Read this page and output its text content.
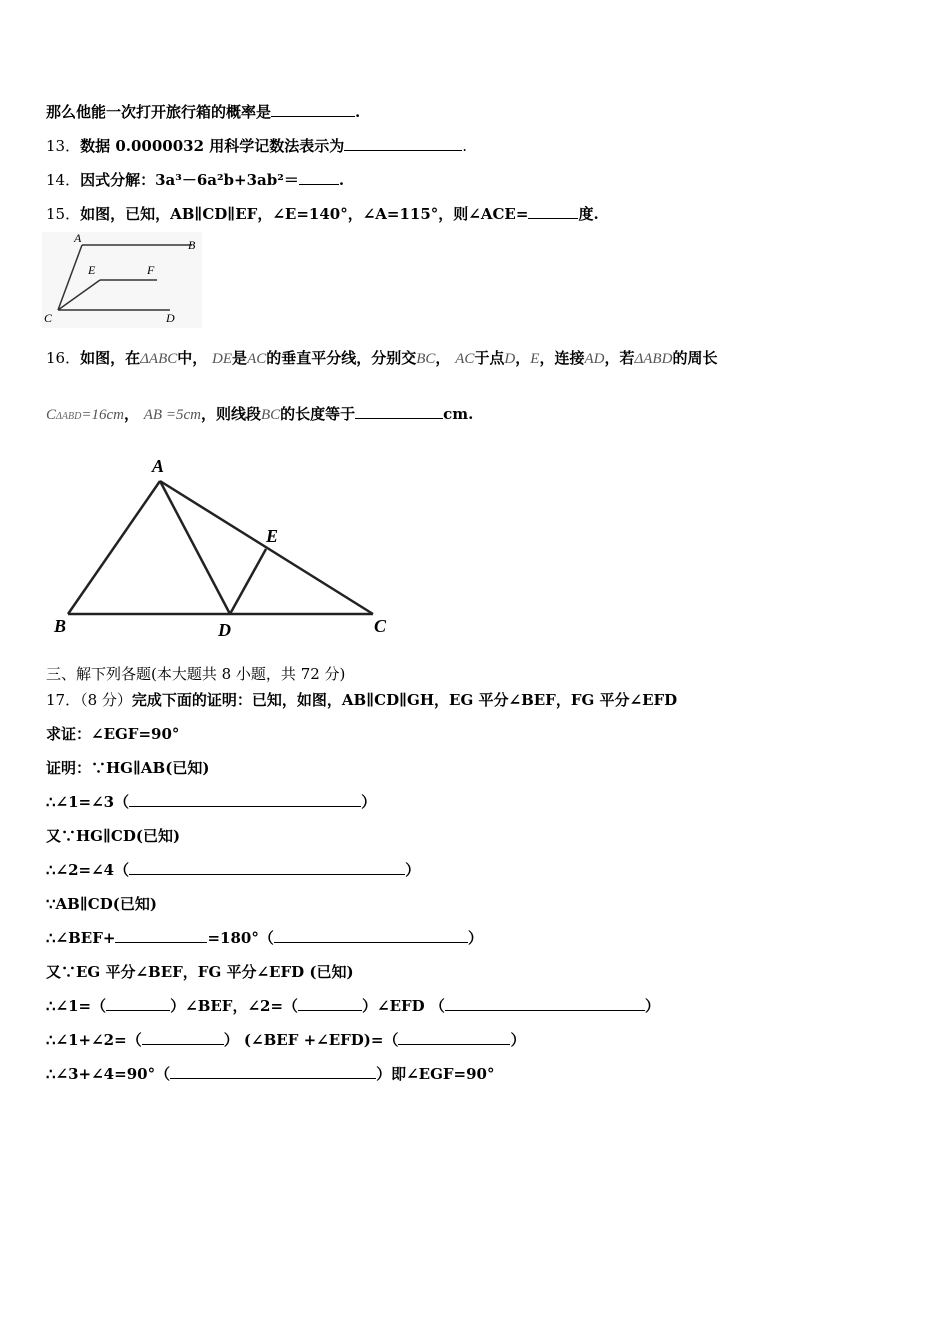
那么他能一次打开旅行箱的概率是	.
13．数据 0.0000032 用科学记数法表示为	.
14．因式分解：3a³－6a²b+3ab²＝	.
15．如图，已知，AB∥CD∥EF，∠E=140°，∠A=115°，则∠ACE=	度.
A	B
E	F
C	D
16．如图，在ΔABC中， DE是AC的垂直平分线，分别交BC， AC于点D，E，连接AD，若ΔABD的周长
CΔABD=16cm， AB =5cm，则线段BC的长度等于	cm.
A
E
B	D	C
三、解下列各题(本大题共 8 小题，共 72 分)
17．（8 分）完成下面的证明：已知，如图，AB∥CD∥GH，EG 平分∠BEF，FG 平分∠EFD
求证：∠EGF=90°
证明：∵HG∥AB(已知)
∴∠1=∠3（	）
又∵HG∥CD(已知)
∴∠2=∠4（	）
∵AB∥CD(已知)
∴∠BEF+	=180°（	）
又∵EG 平分∠BEF，FG 平分∠EFD (已知)
∴∠1=（	）∠BEF，∠2=（	）∠EFD （	）
∴∠1+∠2=（	） (∠BEF +∠EFD)=（	）
∴∠3+∠4=90°（	）即∠EGF=90°
